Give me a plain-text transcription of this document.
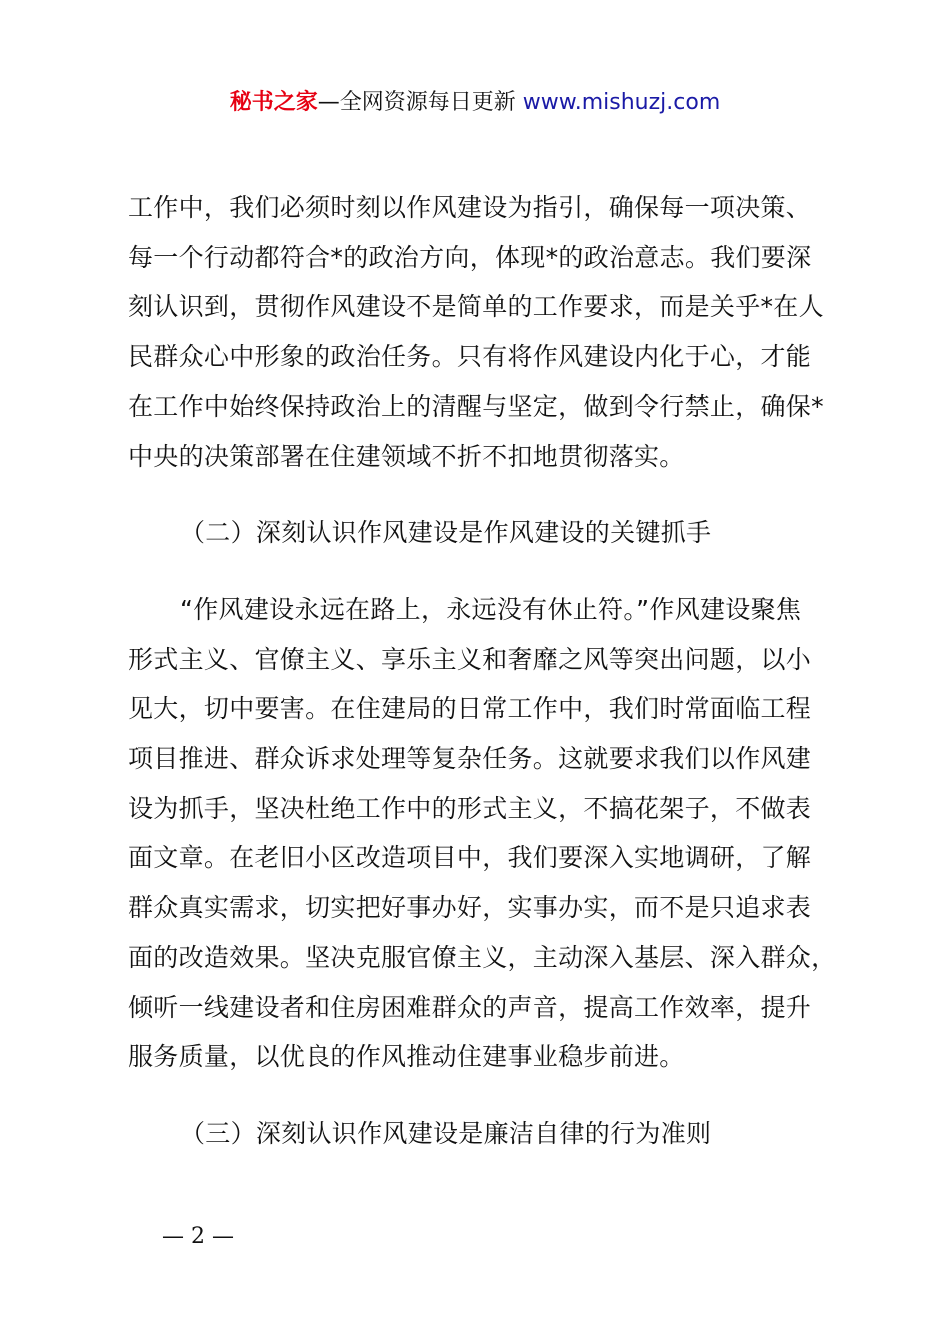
秘书之家—全网资源每日更新 www.mishuzj.com

工作中，我们必须时刻以作风建设为指引，确保每一项决策、
每一个行动都符合*的政治方向，体现*的政治意志。我们要深
刻认识到，贯彻作风建设不是简单的工作要求，而是关乎*在人
民群众心中形象的政治任务。只有将作风建设内化于心，才能
在工作中始终保持政治上的清醒与坚定，做到令行禁止，确保*
中央的决策部署在住建领域不折不扣地贯彻落实。

（二）深刻认识作风建设是作风建设的关键抓手

“作风建设永远在路上，永远没有休止符。”作风建设聚焦
形式主义、官僚主义、享乐主义和奢靡之风等突出问题，以小
见大，切中要害。在住建局的日常工作中，我们时常面临工程
项目推进、群众诉求处理等复杂任务。这就要求我们以作风建
设为抓手，坚决杜绝工作中的形式主义，不搞花架子，不做表
面文章。在老旧小区改造项目中，我们要深入实地调研，了解
群众真实需求，切实把好事办好，实事办实，而不是只追求表
面的改造效果。坚决克服官僚主义，主动深入基层、深入群众，
倾听一线建设者和住房困难群众的声音，提高工作效率，提升
服务质量，以优良的作风推动住建事业稳步前进。

（三）深刻认识作风建设是廉洁自律的行为准则

— 2 —
